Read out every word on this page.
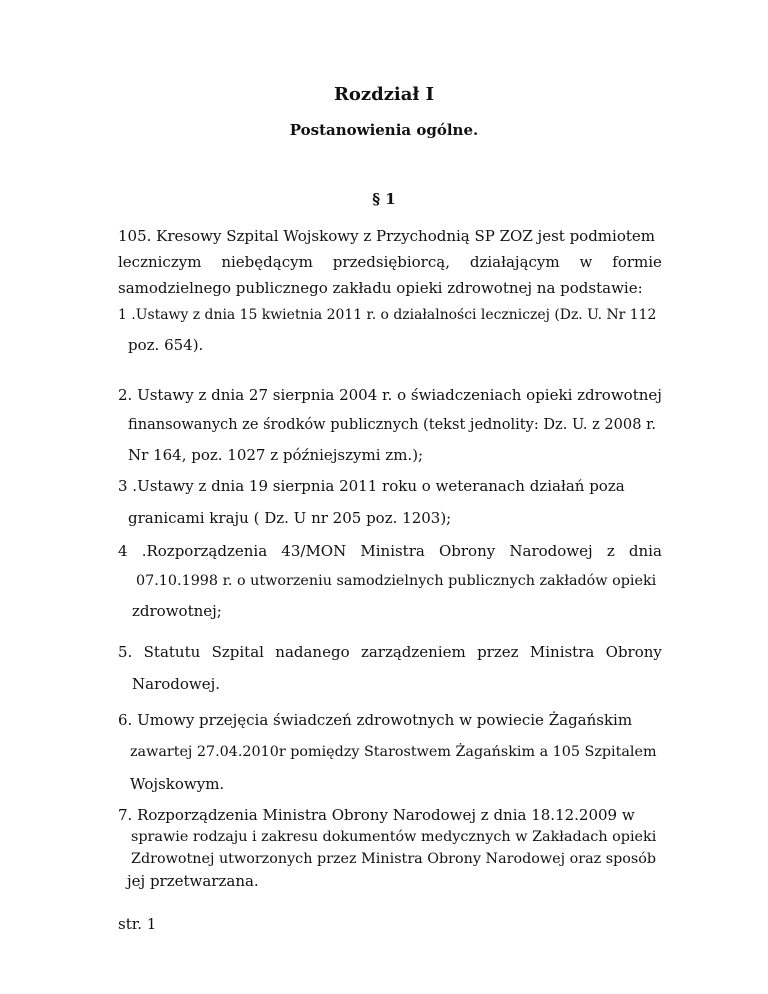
Rozdział I
Postanowienia ogólne.
§ 1
105. Kresowy Szpital Wojskowy z Przychodnią SP ZOZ jest podmiotem
leczniczym niebędącym przedsiębiorcą, działającym w formie
samodzielnego publicznego zakładu opieki zdrowotnej na podstawie:
1 .Ustawy z dnia 15 kwietnia 2011 r. o działalności leczniczej (Dz. U. Nr 112
poz. 654).
2. Ustawy z dnia 27 sierpnia 2004 r. o świadczeniach opieki zdrowotnej
finansowanych ze środków publicznych (tekst jednolity: Dz. U. z 2008 r.
Nr 164, poz. 1027 z późniejszymi zm.);
3 .Ustawy z dnia 19 sierpnia 2011 roku o weteranach działań poza
granicami kraju ( Dz. U nr 205 poz. 1203);
4 .Rozporządzenia 43/MON Ministra Obrony Narodowej z dnia
07.10.1998 r. o utworzeniu samodzielnych publicznych zakładów opieki
zdrowotnej;
5. Statutu Szpital nadanego zarządzeniem przez Ministra Obrony
Narodowej.
6. Umowy przejęcia świadczeń zdrowotnych w powiecie Żagańskim
zawartej 27.04.2010r pomiędzy Starostwem Żagańskim a 105 Szpitalem
Wojskowym.
7. Rozporządzenia Ministra Obrony Narodowej z dnia 18.12.2009 w
sprawie rodzaju i zakresu dokumentów medycznych w Zakładach opieki
Zdrowotnej utworzonych przez Ministra Obrony Narodowej oraz sposób
jej przetwarzana.
str. 1
